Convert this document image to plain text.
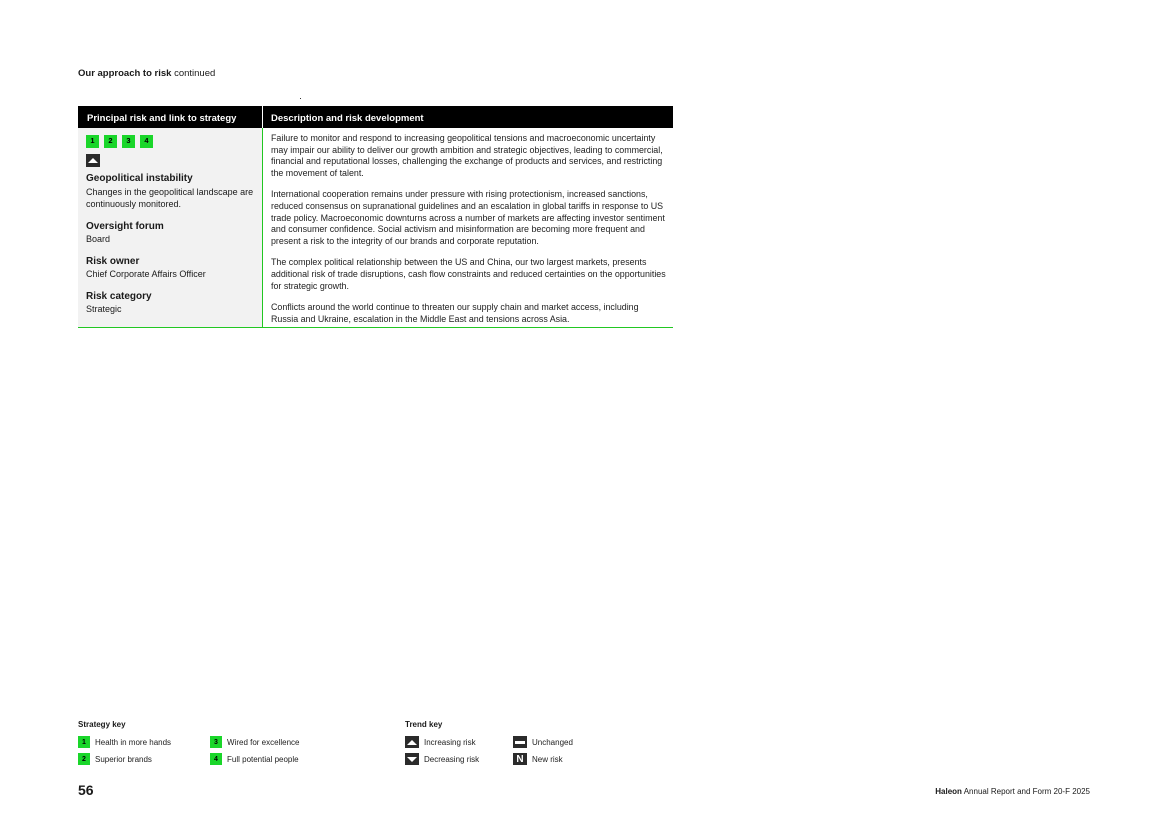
Our approach to risk continued
Principal risk and link to strategy	Description and risk development
1	2	3	4
Geopolitical instability
Changes in the geopolitical landscape are continuously monitored.
Oversight forum
Board
Risk owner
Chief Corporate Affairs Officer
Risk category
Strategic

Failure to monitor and respond to increasing geopolitical tensions and macroeconomic uncertainty may impair our ability to deliver our growth ambition and strategic objectives, leading to commercial, financial and reputational losses, challenging the exchange of products and services, and restricting the movement of talent.

International cooperation remains under pressure with rising protectionism, increased sanctions, reduced consensus on supranational guidelines and an escalation in global tariffs in response to US trade policy. Macroeconomic downturns across a number of markets are affecting investor sentiment and consumer confidence. Social activism and misinformation are becoming more frequent and present a risk to the integrity of our brands and corporate reputation.

The complex political relationship between the US and China, our two largest markets, presents additional risk of trade disruptions, cash flow constraints and reduced certainties on the opportunities for strategic growth.

Conflicts around the world continue to threaten our supply chain and market access, including Russia and Ukraine, escalation in the Middle East and tensions across Asia.

Strategy key
1	Health in more hands
2	Superior brands
3	Wired for excellence
4	Full potential people
Trend key
Increasing risk
Decreasing risk
Unchanged
N New risk
56	Haleon Annual Report and Form 20-F 2025
